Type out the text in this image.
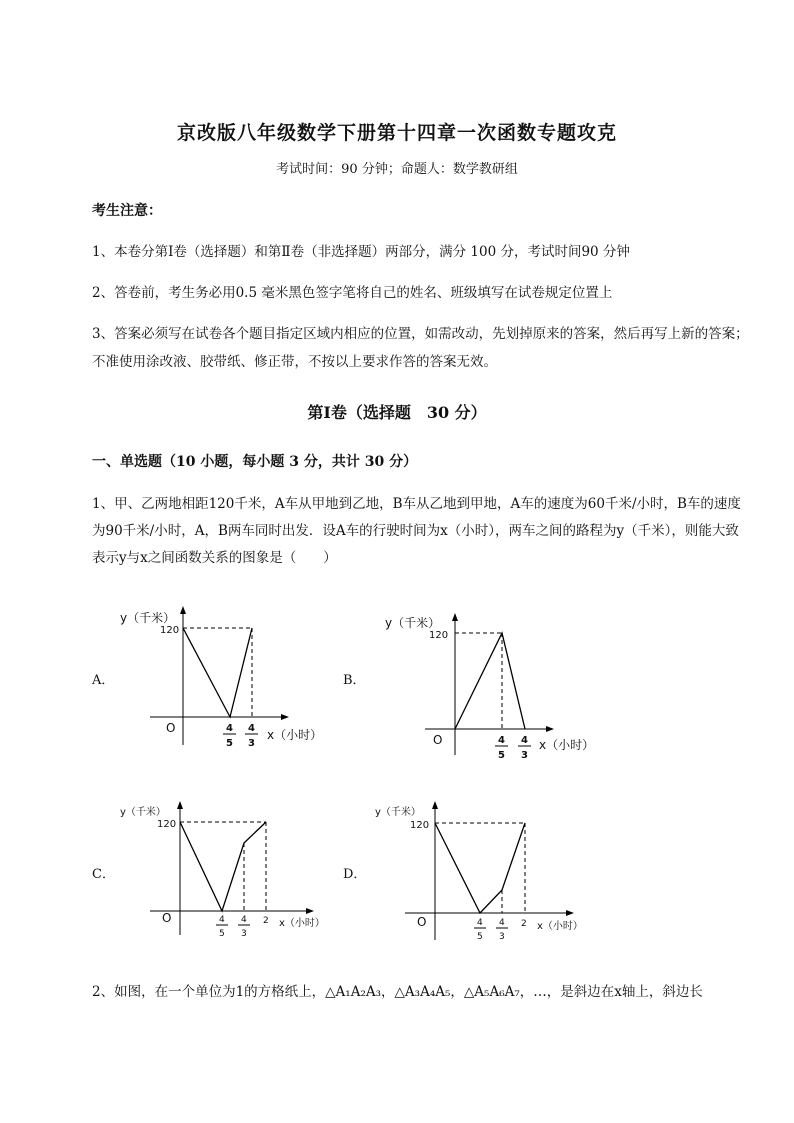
京改版八年级数学下册第十四章一次函数专题攻克
考试时间：90 分钟；命题人：数学教研组
考生注意：
1、本卷分第Ⅰ卷（选择题）和第Ⅱ卷（非选择题）两部分，满分 100 分，考试时间90 分钟
2、答卷前，考生务必用0.5 毫米黑色签字笔将自己的姓名、班级填写在试卷规定位置上
3、答案必须写在试卷各个题目指定区域内相应的位置，如需改动，先划掉原来的答案，然后再写上新的答案；不准使用涂改液、胶带纸、修正带，不按以上要求作答的答案无效。
第Ⅰ卷（选择题　30 分）
一、单选题（10 小题，每小题 3 分，共计 30 分）
1、甲、乙两地相距120千米，A车从甲地到乙地，B车从乙地到甲地，A车的速度为60千米/小时，B车的速度为90千米/小时，A，B两车同时出发．设A车的行驶时间为x（小时），两车之间的路程为y（千米），则能大致表示y与x之间函数关系的图象是（　　）
A．	B．
C．	D．
y（千米）
120
O	4
5
4
3
x（小时）
y（千米）
120
O	4
5
4
3
x（小时）
y（千米）
120
O	4
5
4
3
2 x（小时）
y（千米）
120
O	4
5
4
3
2 x（小时）
2、如图，在一个单位为1的方格纸上，△A₁A₂A₃，△A₃A₄A₅，△A₅A₆A₇，…，是斜边在x轴上，斜边长
